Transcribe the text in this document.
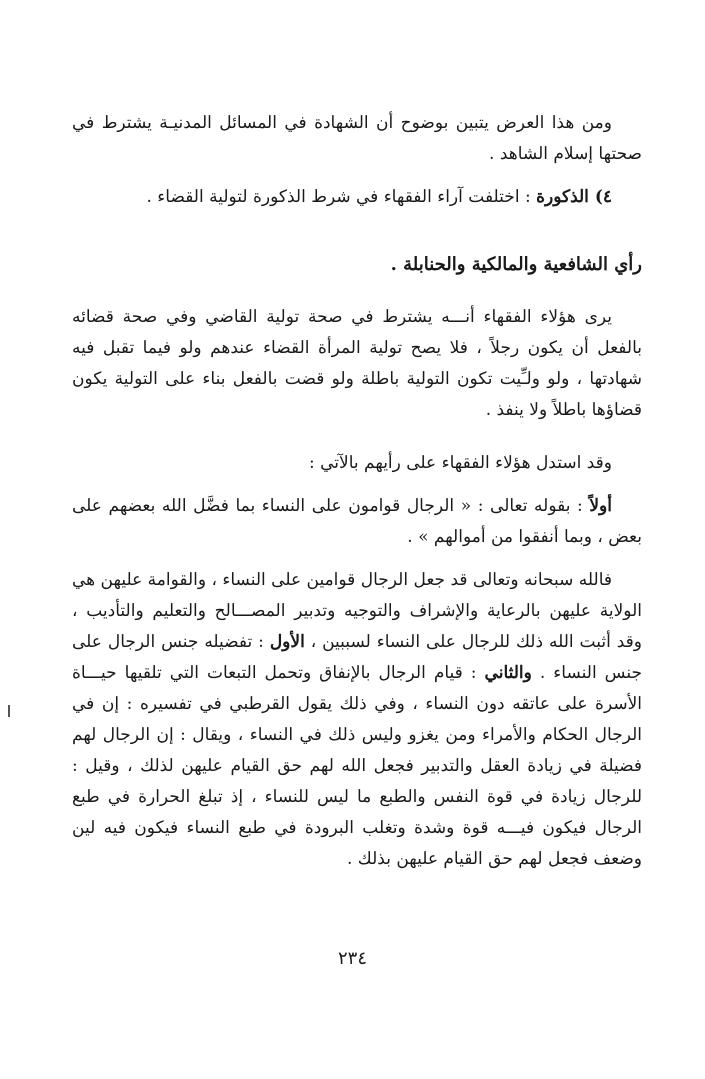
ومن هذا العرض يتبين بوضوح أن الشهادة في المسائل المدنيـة يشترط في صحتها إسلام الشاهد .

٤) الذكورة : اختلفت آراء الفقهاء في شرط الذكورة لتولية القضاء .

رأي الشافعية والمالكية والحنابلة .

يرى هؤلاء الفقهاء أنـــه يشترط في صحة تولية القاضي وفي صحة قضائه بالفعل أن يكون رجلاً ، فلا يصح تولية المرأة القضاء عندهم ولو فيما تقبل فيه شهادتها ، ولو ولـِّيت تكون التولية باطلة ولو قضت بالفعل بناء على التولية يكون قضاؤها باطلاً ولا ينفذ .

وقد استدل هؤلاء الفقهاء على رأيهم بالآتي :

أولاً : بقوله تعالى : « الرجال قوامون على النساء بما فضَّل الله بعضهم على بعض ، وبما أنفقوا من أموالهم » .

فالله سبحانه وتعالى قد جعل الرجال قوامين على النساء ، والقوامة عليهن هي الولاية عليهن بالرعاية والإشراف والتوجيه وتدبير المصـــالح والتعليم والتأديب ، وقد أثبت الله ذلك للرجال على النساء لسببين ، الأول : تفضيله جنس الرجال على جنس النساء . والثاني : قيام الرجال بالإنفاق وتحمل التبعات التي تلقيها حيـــاة الأسرة على عاتقه دون النساء ، وفي ذلك يقول القرطبي في تفسيره : إن في الرجال الحكام والأمراء ومن يغزو وليس ذلك في النساء ، ويقال : إن الرجال لهم فضيلة في زيادة العقل والتدبير فجعل الله لهم حق القيام عليهن لذلك ، وقيل : للرجال زيادة في قوة النفس والطبع ما ليس للنساء ، إذ تبلغ الحرارة في طبع الرجال فيكون فيـــه قوة وشدة وتغلب البرودة في طبع النساء فيكون فيه لين وضعف فجعل لهم حق القيام عليهن بذلك .

٢٣٤
